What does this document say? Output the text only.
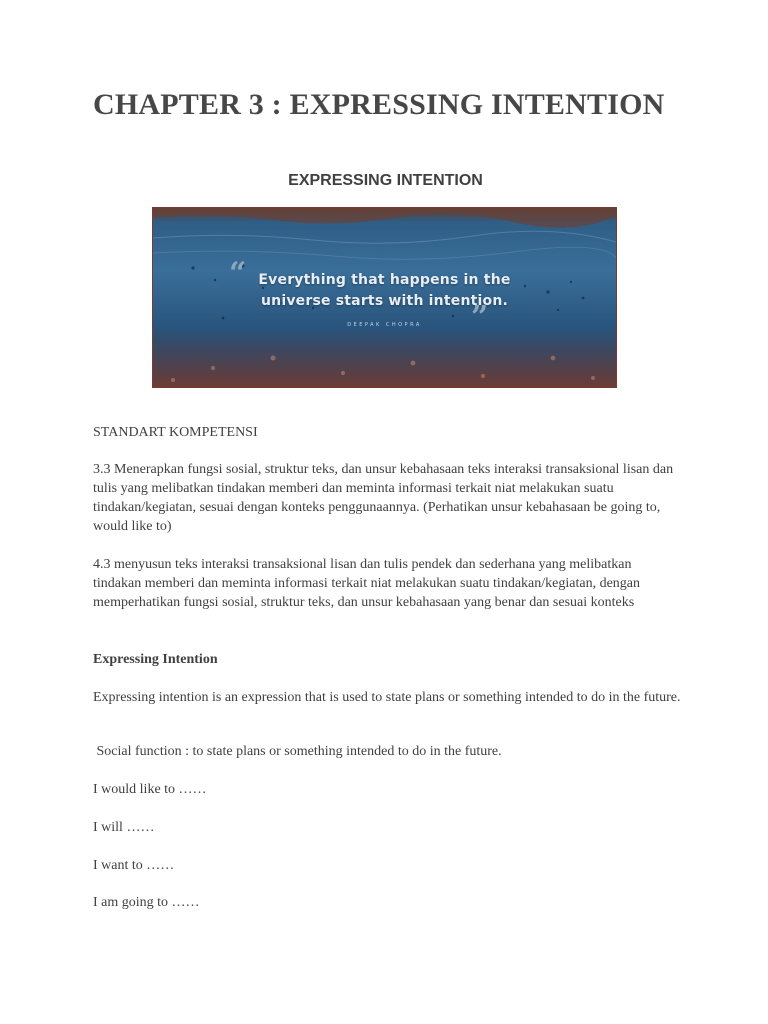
CHAPTER 3 : EXPRESSING INTENTION
EXPRESSING INTENTION
“ Everything that happens in the
universe starts with intention.
”
DEEPAK CHOPRA

STANDART KOMPETENSI

3.3 Menerapkan fungsi sosial, struktur teks, dan unsur kebahasaan teks interaksi transaksional lisan dan tulis yang melibatkan tindakan memberi dan meminta informasi terkait niat melakukan suatu tindakan/kegiatan, sesuai dengan konteks penggunaannya. (Perhatikan unsur kebahasaan be going to, would like to)

4.3 menyusun teks interaksi transaksional lisan dan tulis pendek dan sederhana yang melibatkan tindakan memberi dan meminta informasi terkait niat melakukan suatu tindakan/kegiatan, dengan memperhatikan fungsi sosial, struktur teks, dan unsur kebahasaan yang benar dan sesuai konteks

Expressing Intention

Expressing intention is an expression that is used to state plans or something intended to do in the future.

Social function : to state plans or something intended to do in the future.

I would like to ……

I will ……

I want to ……

I am going to ……
